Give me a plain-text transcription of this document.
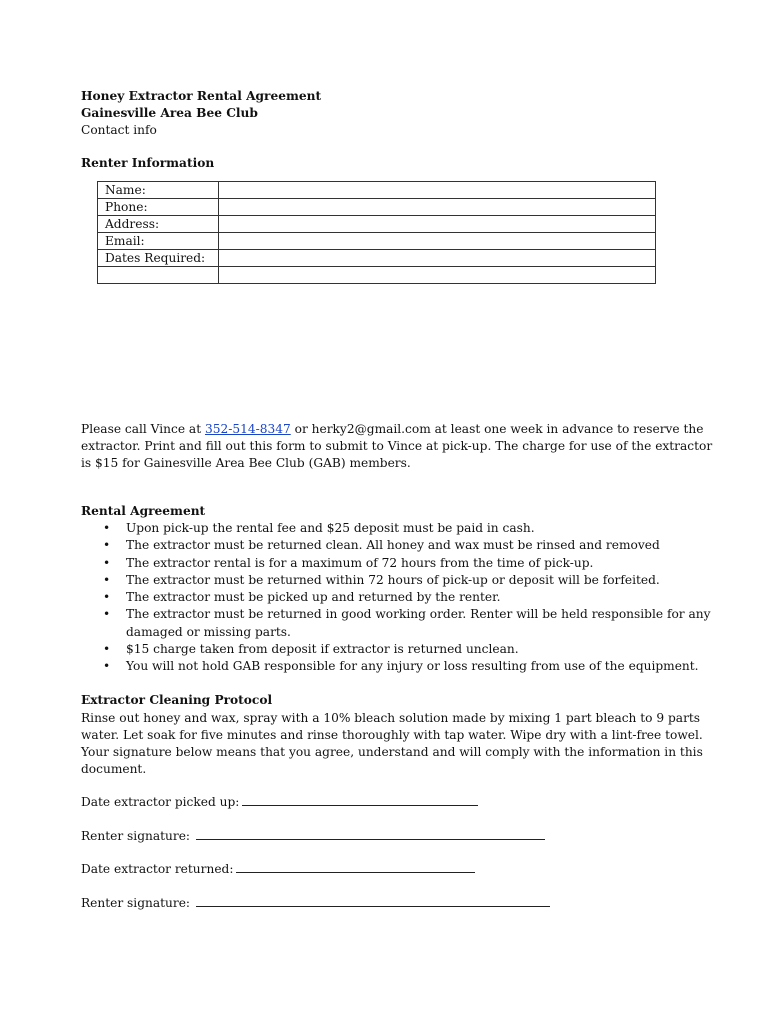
Honey Extractor Rental Agreement
Gainesville Area Bee Club
Contact info
Renter Information
Name:	
Phone:	
Address:	
Email:	
Dates Required:	

Please call Vince at 352-514-8347 or herky2@gmail.com at least one week in advance to reserve the
extractor. Print and fill out this form to submit to Vince at pick-up. The charge for use of the extractor
is $15 for Gainesville Area Bee Club (GAB) members.
Rental Agreement
• Upon pick-up the rental fee and $25 deposit must be paid in cash.
• The extractor must be returned clean. All honey and wax must be rinsed and removed
• The extractor rental is for a maximum of 72 hours from the time of pick-up.
• The extractor must be returned within 72 hours of pick-up or deposit will be forfeited.
• The extractor must be picked up and returned by the renter.
• The extractor must be returned in good working order. Renter will be held responsible for any
damaged or missing parts.
• $15 charge taken from deposit if extractor is returned unclean.
• You will not hold GAB responsible for any injury or loss resulting from use of the equipment.
Extractor Cleaning Protocol
Rinse out honey and wax, spray with a 10% bleach solution made by mixing 1 part bleach to 9 parts
water. Let soak for five minutes and rinse thoroughly with tap water. Wipe dry with a lint-free towel.
Your signature below means that you agree, understand and will comply with the information in this
document.
Date extractor picked up:
Renter signature:
Date extractor returned:
Renter signature:
